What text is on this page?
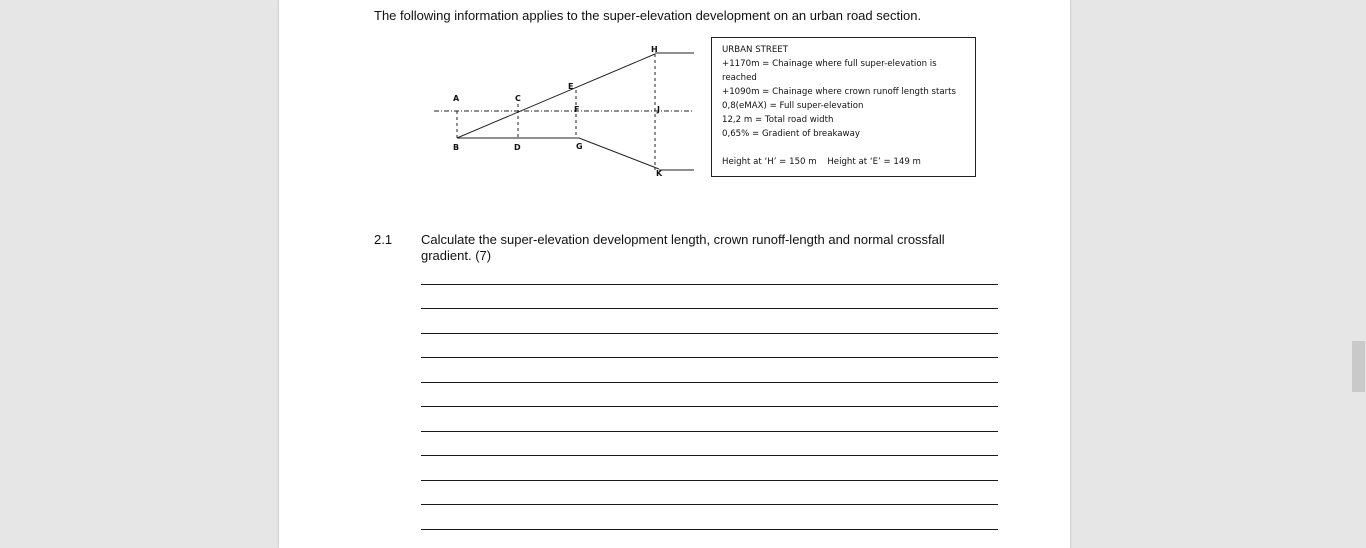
The following information applies to the super-elevation development on an urban road section.
A
B
C
D
E
F
G
H
J
K
URBAN STREET
+1170m = Chainage where full super-elevation is
reached
+1090m = Chainage where crown runoff length starts
0,8(eMAX) = Full super-elevation
12,2 m = Total road width
0,65% = Gradient of breakaway
Height at ‘H’ = 150 m Height at ‘E’ = 149 m
2.1 Calculate the super-elevation development length, crown runoff-length and normal crossfall gradient. (7)
